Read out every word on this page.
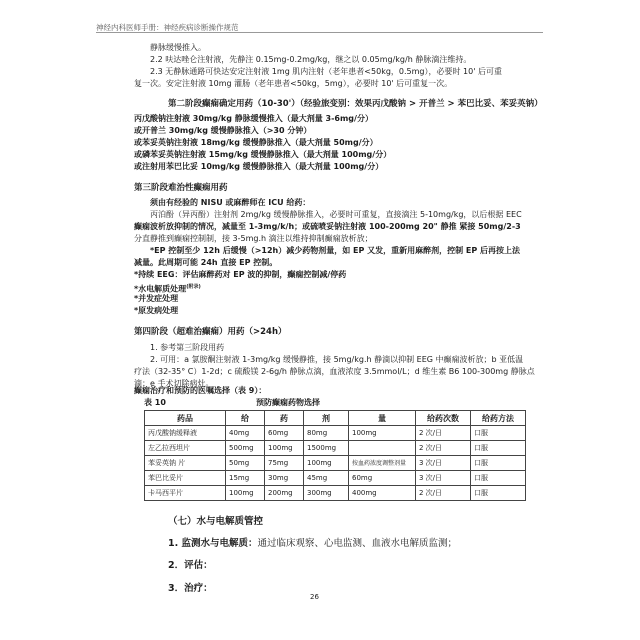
神经内科医师手册：神经疾病诊断操作规范
静脉缓慢推入。
2.2 呋达唑仑注射液，先静注 0.15mg-0.2mg/kg，继之以 0.05mg/kg/h 静脉滴注维持。
2.3 无静脉通路可快达安定注射液 1mg 肌内注射（老年患者<50kg，0.5mg），必要时 10' 后可重
复一次。安定注射液 10mg 灌肠（老年患者<50kg，5mg），必要时 10' 后可重复一次。
第二阶段癫痫确定用药（10-30'）（经验旅变别：效果丙戊酸钠 > 开普兰 > 苯巴比妥、苯妥英钠）
丙戊酸钠注射液 30mg/kg 静脉缓慢推入（最大剂量 3-6mg/分）
或开普兰 30mg/kg 缓慢静脉推入（>30 分钟）
或苯妥英钠注射液 18mg/kg 缓慢静脉推入（最大剂量 50mg/分）
或磷苯妥英钠注射液 15mg/kg 缓慢静脉推入（最大剂量 100mg/分）
或注射用苯巴比妥 10mg/kg 缓慢静脉推入（最大剂量 100mg/分）
第三阶段难治性癫痫用药
须由有经验的 NISU 或麻醉师在 ICU 给药：
丙泊酚（异丙酚）注射剂 2mg/kg 缓慢静脉推入，必要时可重复，直接滴注 5-10mg/kg，以后根据 EEC
癫痫波析放抑制的情况，减量至 1-3mg/k/h；或硫喷妥钠注射液 100-200mg 20" 静推 紧接 50mg/2-3
分直静推到癫痫控制制，接 3-5mg.h 滴注以维持抑制癫痫放析放；
*EP 控制至少 12h 后缓慢（>12h）减少药物剂量，如 EP 又发，重新用麻醉剂，控制 EP 后再按上法
减量。此周期可能 24h 直接 EP 控制。
*持续 EEG：评估麻醉药对 EP 波的抑制，癫痫控制减/停药
*水电解质处理$^{(附录)}$
*并发症处理
*原发病处理
第四阶段（超难治癫痫）用药（>24h）
1. 参考第三阶段用药
2. 可用：a 氯胺酮注射液 1-3mg/kg 缓慢静推，接 5mg/kg.h 静滴以抑制 EEG 中癫痫波析放；b 亚低温
疗法（32-35° C）1-2d；c 硫酸镁 2-6g/h 静脉点滴，血液浓度 3.5mmol/L；d 维生素 B6 100-300mg 静脉点
滴；e 手术切除病灶。
癫痫治疗和预防的医嘱选择（表 9）：
表 10	预防癫痫药物选择
药品	给	药	剂	量	给药次数	给药方法
丙戊酸钠缓释液	40mg	60mg	80mg	100mg	2 次/日	口服
左乙拉西坦片	500mg	100mg	1500mg		2 次/日	口服
苯妥英钠 片	50mg	75mg	100mg	按血药浓度调整剂量	3 次/日	口服
苯巴比妥片	15mg	30mg	45mg	60mg	3 次/日	口服
卡马西平片	100mg	200mg	300mg	400mg	2 次/日	口服
（七）水与电解质管控
1. 监测水与电解质：通过临床观察、心电监测、血液水电解质监测；
2．评估：
3．治疗：
26
